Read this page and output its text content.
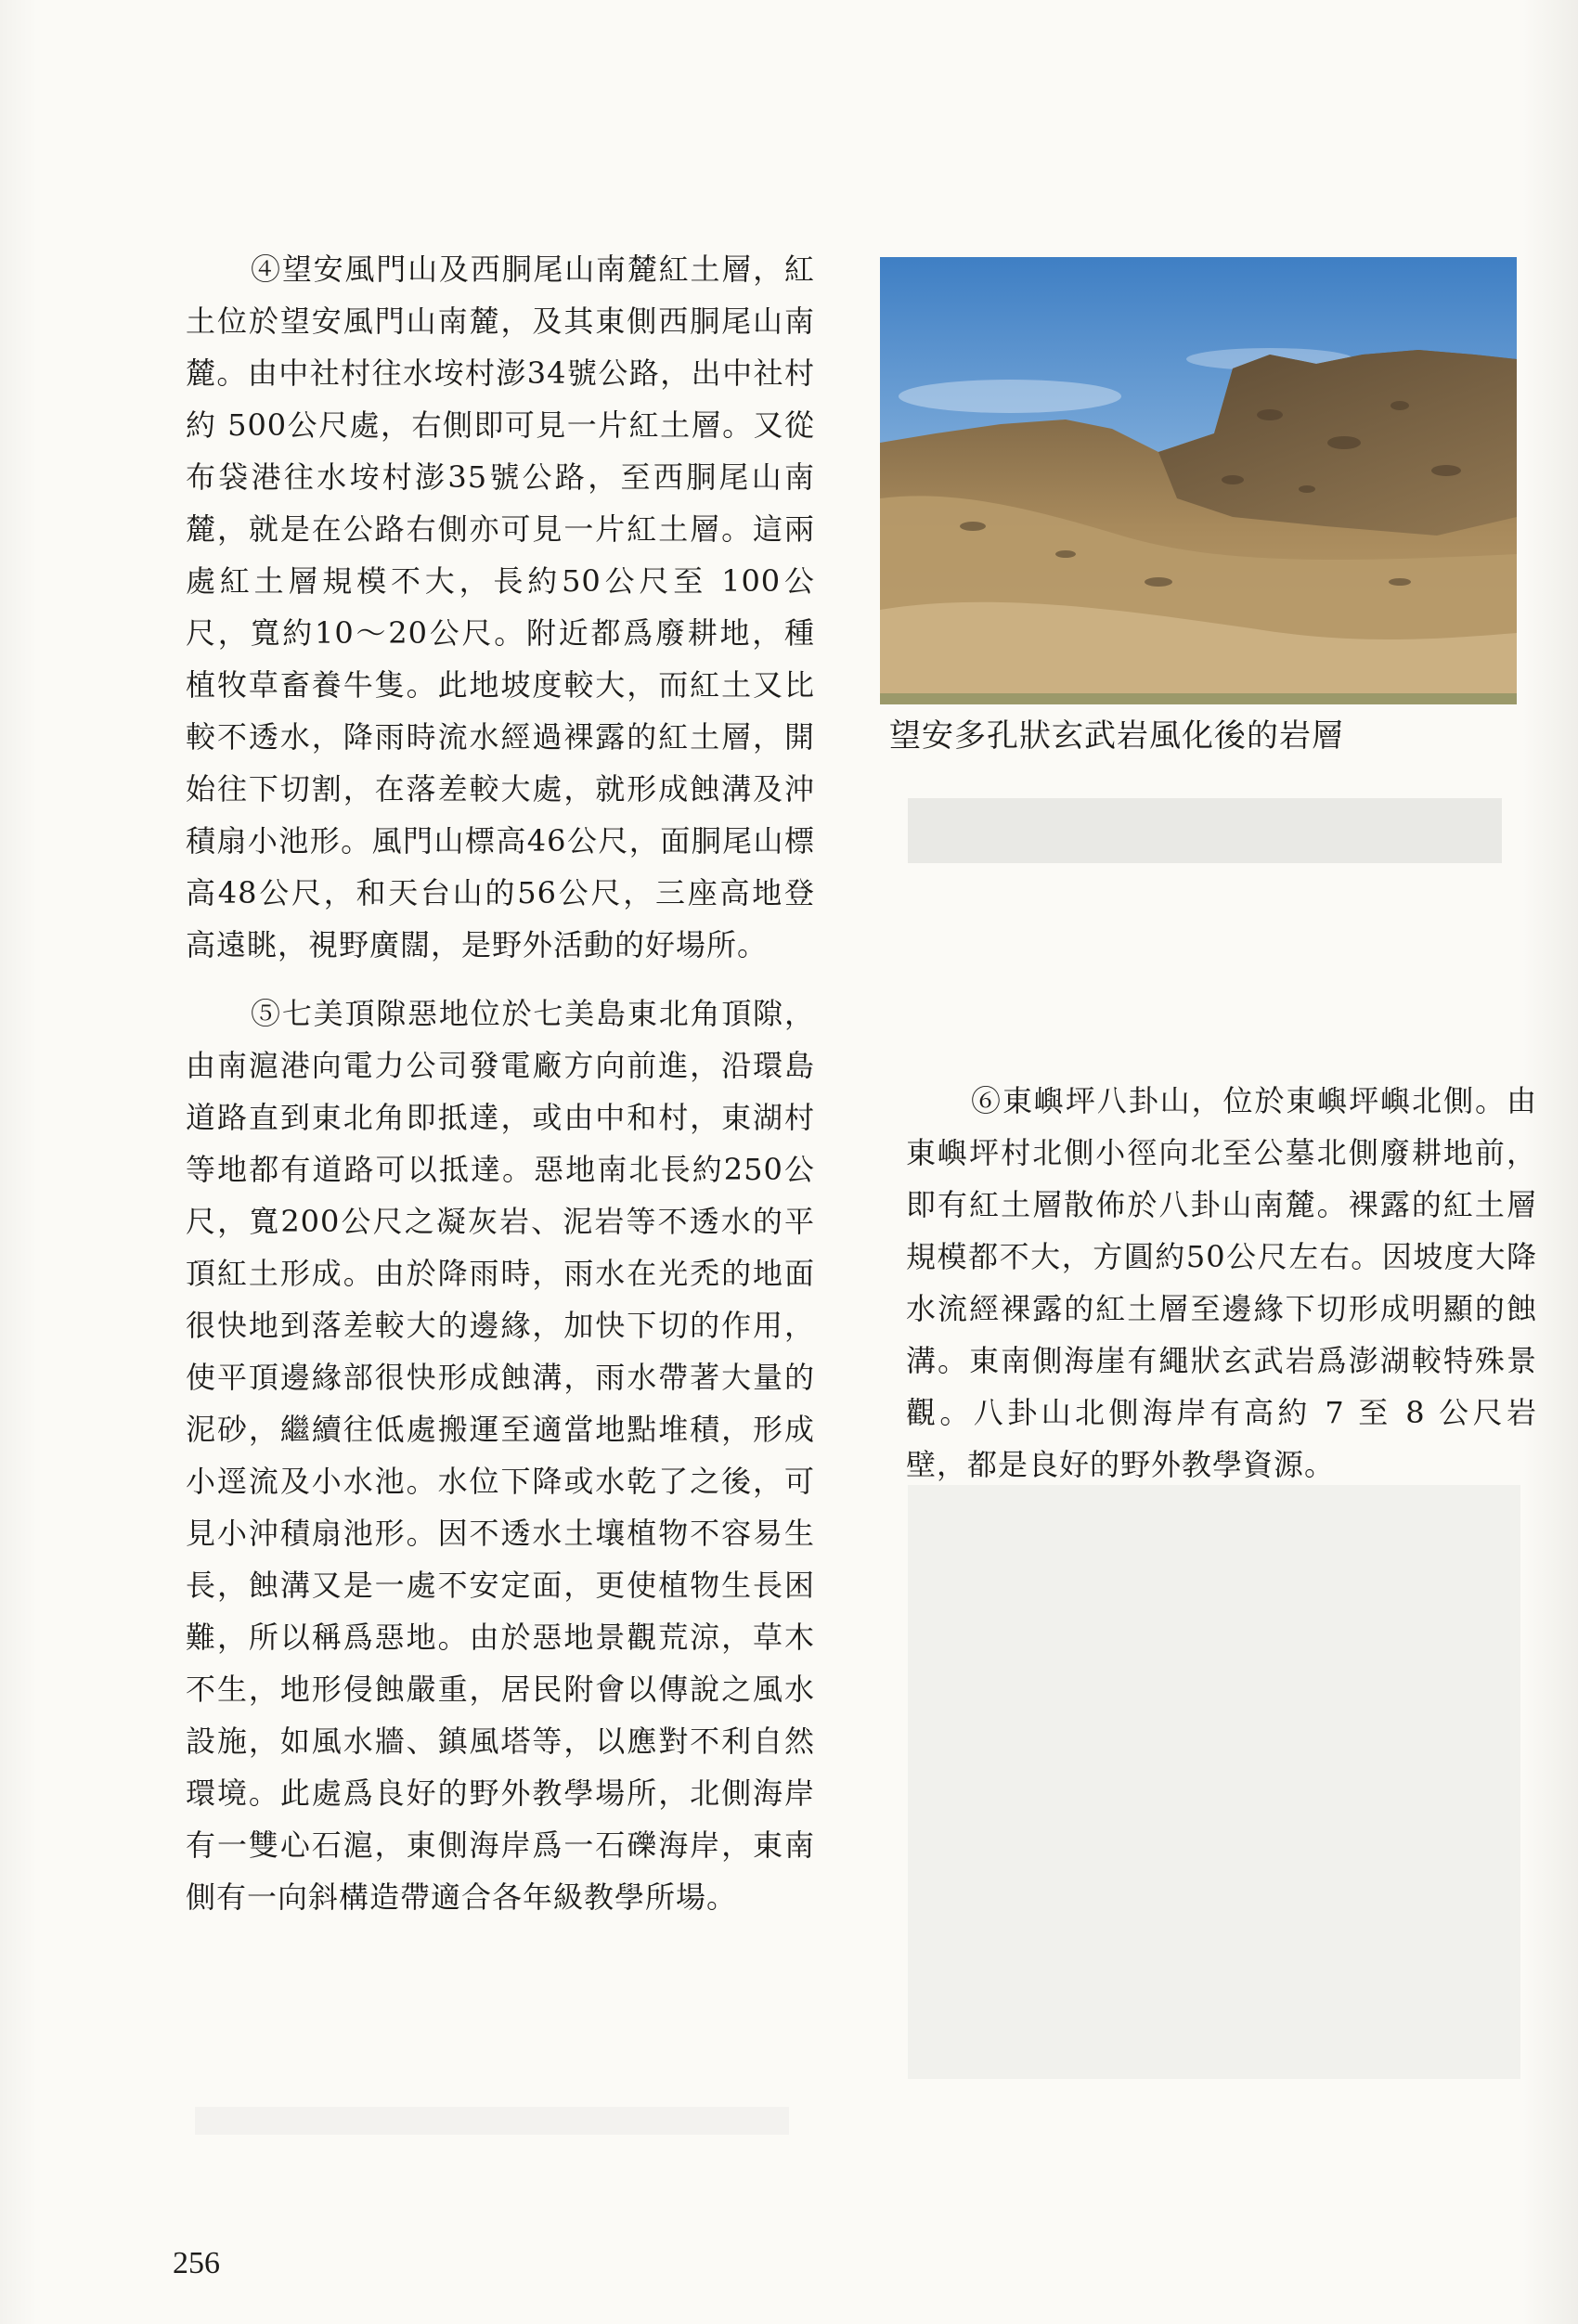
④望安風門山及西胴尾山南麓紅土層，紅土位於望安風門山南麓，及其東側西胴尾山南麓。由中社村往水垵村澎34號公路，出中社村約 500公尺處，右側即可見一片紅土層。又從布袋港往水垵村澎35號公路，至西胴尾山南麓，就是在公路右側亦可見一片紅土層。這兩處紅土層規模不大，長約50公尺至 100公尺，寬約10～20公尺。附近都爲廢耕地，種植牧草畜養牛隻。此地坡度較大，而紅土又比較不透水，降雨時流水經過裸露的紅土層，開始往下切割，在落差較大處，就形成蝕溝及沖積扇小池形。風門山標高46公尺，面胴尾山標高48公尺，和天台山的56公尺，三座高地登高遠眺，視野廣闊，是野外活動的好場所。

⑤七美頂隙惡地位於七美島東北角頂隙，由南滬港向電力公司發電廠方向前進，沿環島道路直到東北角即抵達，或由中和村，東湖村等地都有道路可以抵達。惡地南北長約250公尺，寬200公尺之凝灰岩、泥岩等不透水的平頂紅土形成。由於降雨時，雨水在光禿的地面很快地到落差較大的邊緣，加快下切的作用，使平頂邊緣部很快形成蝕溝，雨水帶著大量的泥砂，繼續往低處搬運至適當地點堆積，形成小逕流及小水池。水位下降或水乾了之後，可見小沖積扇池形。因不透水土壤植物不容易生長，蝕溝又是一處不安定面，更使植物生長困難，所以稱爲惡地。由於惡地景觀荒涼，草木不生，地形侵蝕嚴重，居民附會以傳說之風水設施，如風水牆、鎮風塔等，以應對不利自然環境。此處爲良好的野外教學場所，北側海岸有一雙心石滬，東側海岸爲一石礫海岸，東南側有一向斜構造帶適合各年級教學所場。

望安多孔狀玄武岩風化後的岩層

⑥東嶼坪八卦山，位於東嶼坪嶼北側。由東嶼坪村北側小徑向北至公墓北側廢耕地前，即有紅土層散佈於八卦山南麓。裸露的紅土層規模都不大，方圓約50公尺左右。因坡度大降水流經裸露的紅土層至邊緣下切形成明顯的蝕溝。東南側海崖有繩狀玄武岩爲澎湖較特殊景觀。八卦山北側海岸有高約 7 至 8 公尺岩壁，都是良好的野外教學資源。

256
